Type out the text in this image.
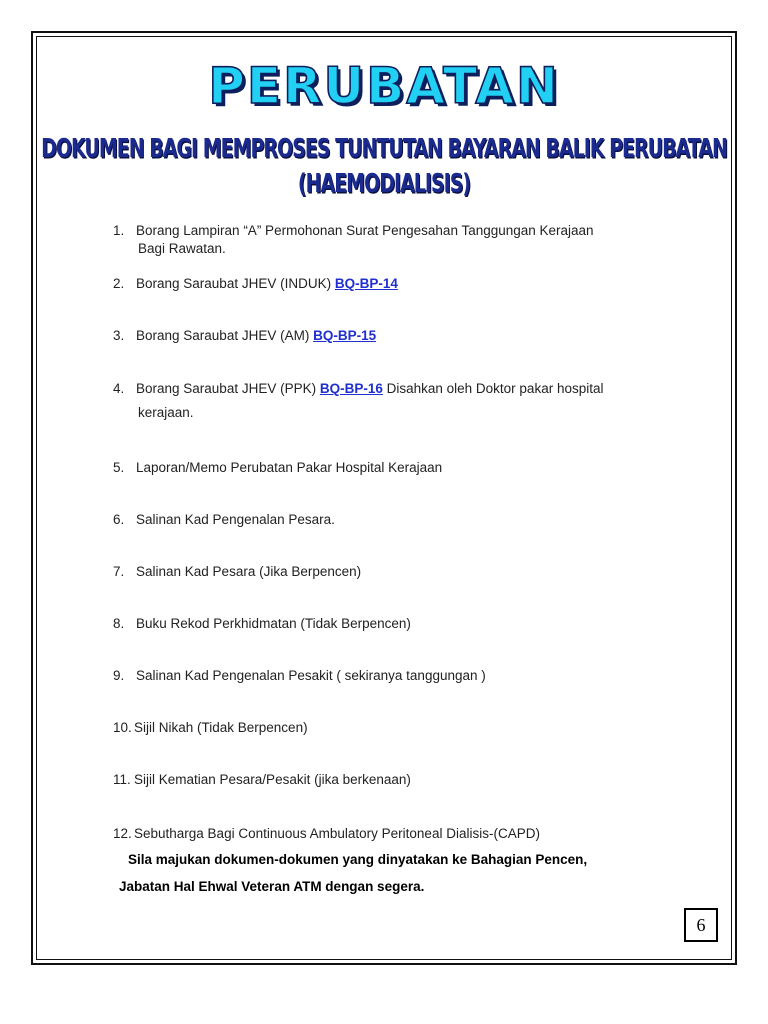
PERUBATAN
DOKUMEN BAGI MEMPROSES TUNTUTAN BAYARAN BALIK PERUBATAN
(HAEMODIALISIS)
1. Borang Lampiran “A” Permohonan Surat Pengesahan Tanggungan Kerajaan
Bagi Rawatan.
2. Borang Saraubat JHEV (INDUK) BQ-BP-14
3. Borang Saraubat JHEV (AM) BQ-BP-15
4. Borang Saraubat JHEV (PPK) BQ-BP-16 Disahkan oleh Doktor pakar hospital
kerajaan.
5. Laporan/Memo Perubatan Pakar Hospital Kerajaan
6. Salinan Kad Pengenalan Pesara.
7. Salinan Kad Pesara (Jika Berpencen)
8. Buku Rekod Perkhidmatan (Tidak Berpencen)
9. Salinan Kad Pengenalan Pesakit ( sekiranya tanggungan )
10. Sijil Nikah (Tidak Berpencen)
11. Sijil Kematian Pesara/Pesakit (jika berkenaan)
12. Sebutharga Bagi Continuous Ambulatory Peritoneal Dialisis-(CAPD)
Sila majukan dokumen-dokumen yang dinyatakan ke Bahagian Pencen,
Jabatan Hal Ehwal Veteran ATM dengan segera.
6
